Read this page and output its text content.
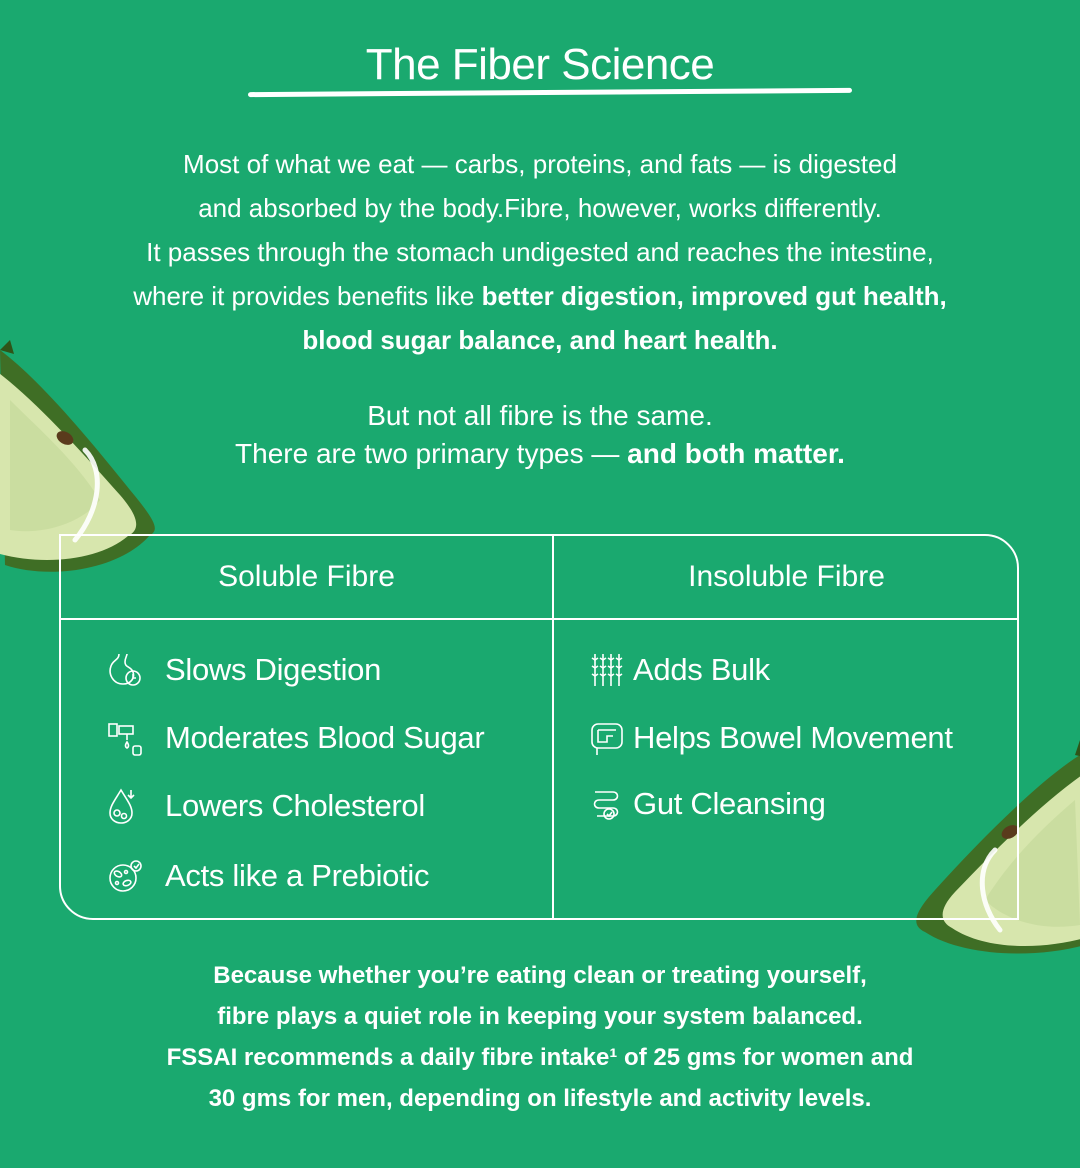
The Fiber Science
Most of what we eat — carbs, proteins, and fats — is digested
and absorbed by the body.Fibre, however, works differently.
It passes through the stomach undigested and reaches the intestine,
where it provides benefits like better digestion, improved gut health,
blood sugar balance, and heart health.
But not all fibre is the same.
There are two primary types — and both matter.
Soluble Fibre	Insoluble Fibre
Slows Digestion
Moderates Blood Sugar
Lowers Cholesterol
Acts like a Prebiotic
Adds Bulk
Helps Bowel Movement
Gut Cleansing
Because whether you’re eating clean or treating yourself,
fibre plays a quiet role in keeping your system balanced.
FSSAI recommends a daily fibre intake¹ of 25 gms for women and
30 gms for men, depending on lifestyle and activity levels.
